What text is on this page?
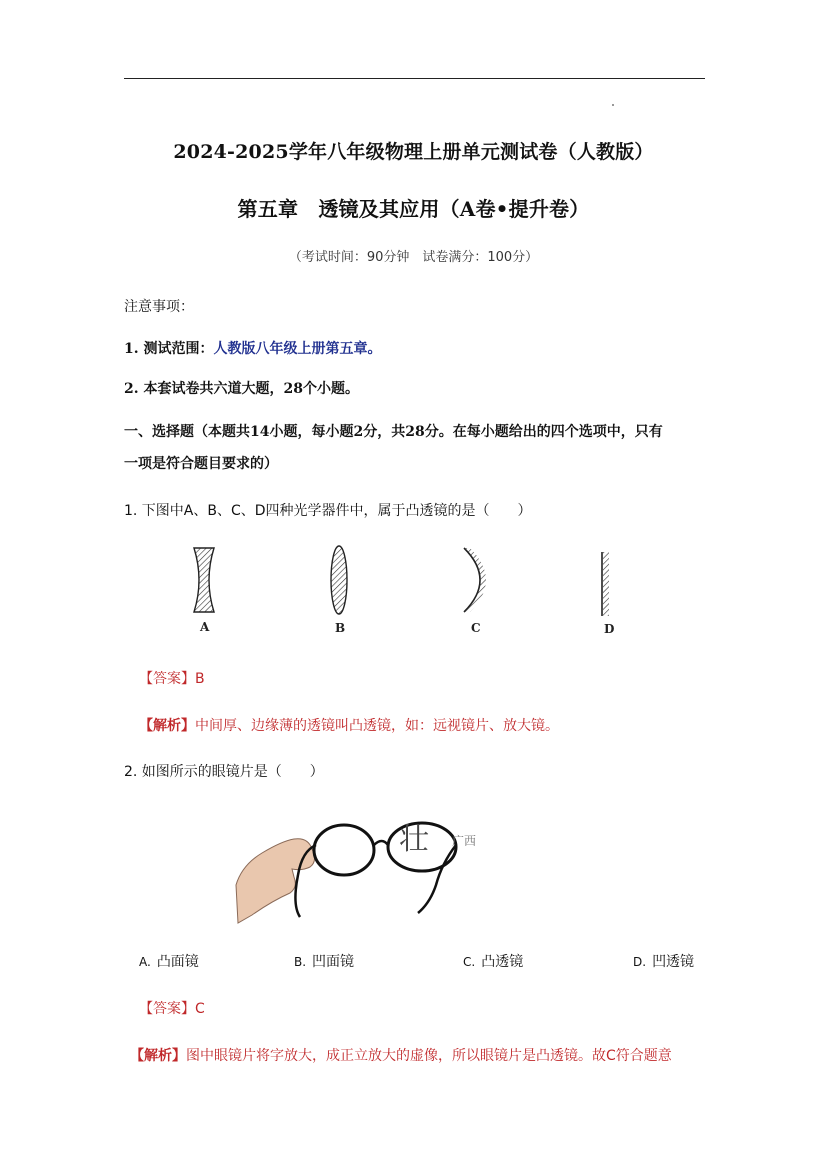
2024-2025学年八年级物理上册单元测试卷（人教版）
第五章　透镜及其应用（A卷•提升卷）
（考试时间：90分钟　试卷满分：100分）
注意事项：
1. 测试范围：人教版八年级上册第五章。
2. 本套试卷共六道大题，28个小题。
一、选择题（本题共14小题，每小题2分，共28分。在每小题给出的四个选项中，只有
一项是符合题目要求的）
1. 下图中A、B、C、D四种光学器件中，属于凸透镜的是（　　）
A	B	C	D
【答案】B
【解析】中间厚、边缘薄的透镜叫凸透镜，如：远视镜片、放大镜。
2. 如图所示的眼镜片是（　　）
壮 广西
A. 凸面镜	B. 凹面镜	C. 凸透镜	D. 凹透镜
【答案】C
【解析】图中眼镜片将字放大，成正立放大的虚像，所以眼镜片是凸透镜。故C符合题意
